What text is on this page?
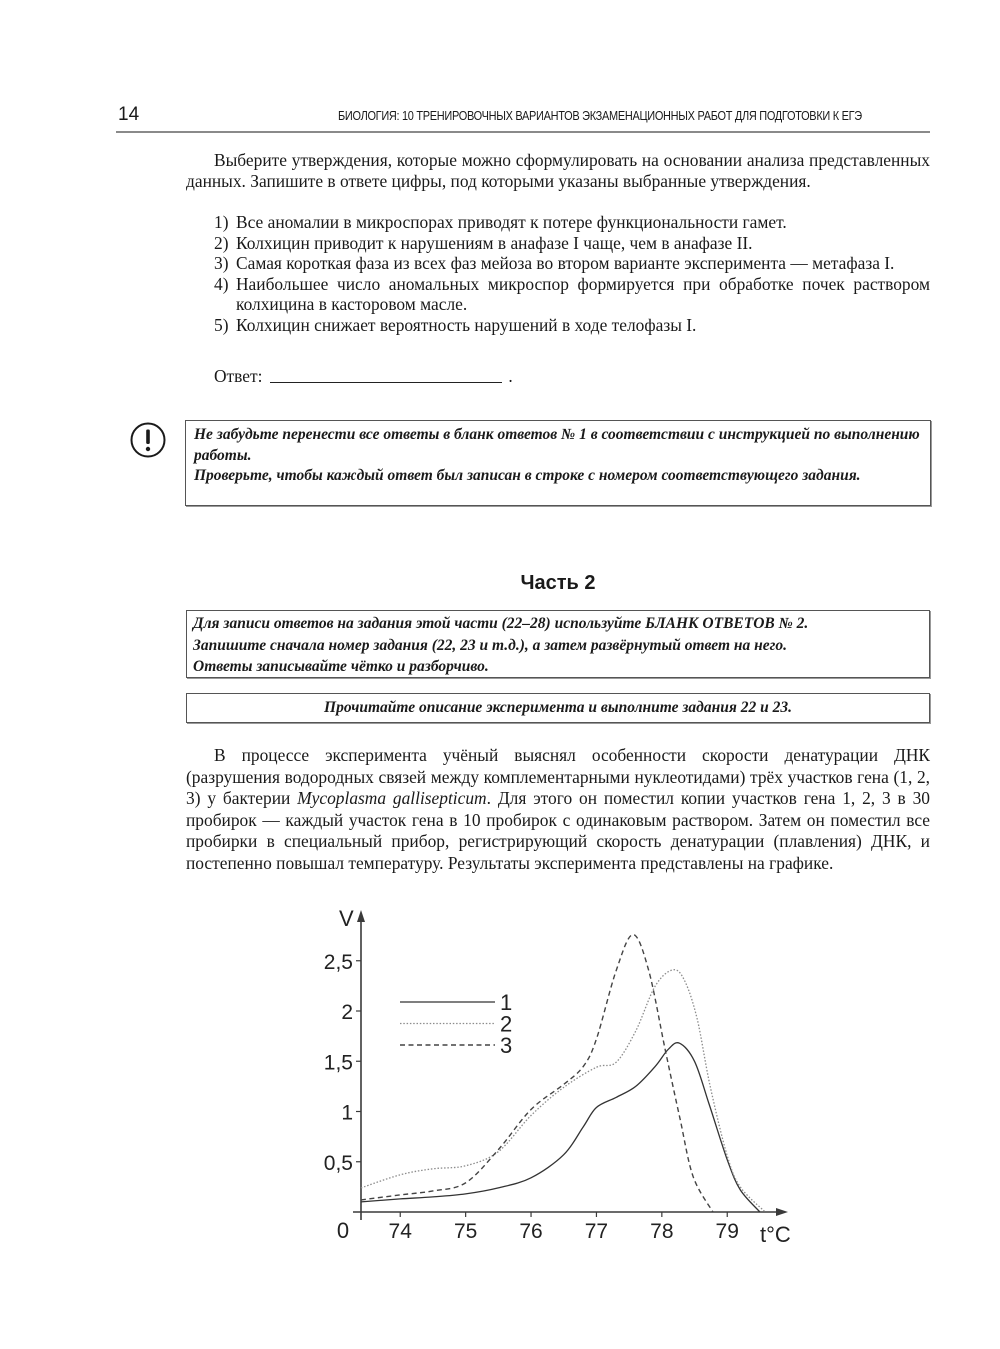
14	БИОЛОГИЯ: 10 ТРЕНИРОВОЧНЫХ ВАРИАНТОВ ЭКЗАМЕНАЦИОННЫХ РАБОТ ДЛЯ ПОДГОТОВКИ К ЕГЭ

Выберите утверждения, которые можно сформулировать на основании анализа представленных данных. Запишите в ответе цифры, под которыми указаны выбранные утверждения.

1) Все аномалии в микроспорах приводят к потере функциональности гамет.
2) Колхицин приводит к нарушениям в анафазе I чаще, чем в анафазе II.
3) Самая короткая фаза из всех фаз мейоза во втором варианте эксперимента — метафаза I.
4) Наибольшее число аномальных микроспор формируется при обработке почек раствором колхицина в касторовом масле.
5) Колхицин снижает вероятность нарушений в ходе телофазы I.
Ответ:	.
Не забудьте перенести все ответы в бланк ответов № 1 в соответствии с инструкцией по выполнению работы.
Проверьте, чтобы каждый ответ был записан в строке с номером соответствующего задания.
Часть 2
Для записи ответов на задания этой части (22–28) используйте БЛАНК ОТВЕТОВ № 2.
Запишите сначала номер задания (22, 23 и т.д.), а затем развёрнутый ответ на него.
Ответы записывайте чётко и разборчиво.
Прочитайте описание эксперимента и выполните задания 22 и 23.

В процессе эксперимента учёный выяснял особенности скорости денатурации ДНК (разрушения водородных связей между комплементарными нуклеотидами) трёх участков гена (1, 2, 3) у бактерии Mycoplasma gallisepticum. Для этого он поместил копии участков гена 1, 2, 3 в 30 пробирок — каждый участок гена в 10 пробирок с одинаковым раствором. Затем он поместил все пробирки в специальный прибор, регистрирующий скорость денатурации (плавления) ДНК, и постепенно повышал температуру. Результаты эксперимента представлены на графике.

V
t°C
0 74 75 76 77 78 79
0,5
1
1,5
2
2,5
1
2
3
